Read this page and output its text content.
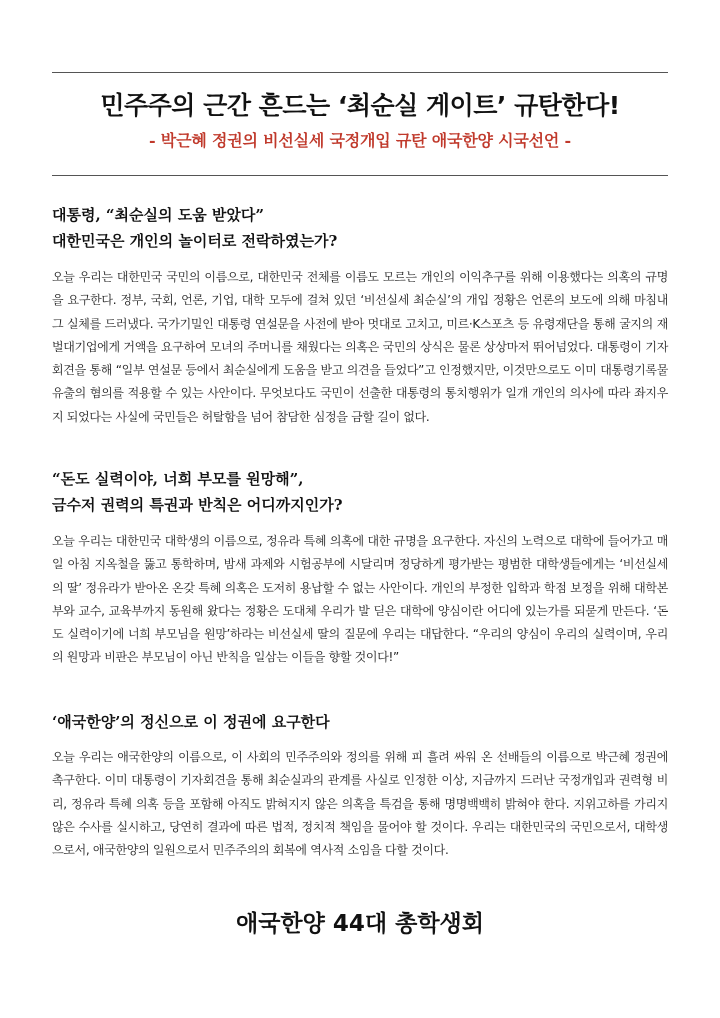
민주주의 근간 흔드는 ‘최순실 게이트’ 규탄한다!
- 박근혜 정권의 비선실세 국정개입 규탄 애국한양 시국선언 -
대통령, “최순실의 도움 받았다”
대한민국은 개인의 놀이터로 전락하였는가?
오늘 우리는 대한민국 국민의 이름으로, 대한민국 전체를 이름도 모르는 개인의 이익추구를 위해 이용했다는 의혹의 규명을 요구한다. 정부, 국회, 언론, 기업, 대학 모두에 걸쳐 있던 ‘비선실세 최순실’의 개입 정황은 언론의 보도에 의해 마침내 그 실체를 드러냈다. 국가기밀인 대통령 연설문을 사전에 받아 멋대로 고치고, 미르·K스포츠 등 유령재단을 통해 굴지의 재벌대기업에게 거액을 요구하여 모녀의 주머니를 채웠다는 의혹은 국민의 상식은 물론 상상마저 뛰어넘었다. 대통령이 기자회견을 통해 “일부 연설문 등에서 최순실에게 도움을 받고 의견을 들었다”고 인정했지만, 이것만으로도 이미 대통령기록물 유출의 혐의를 적용할 수 있는 사안이다. 무엇보다도 국민이 선출한 대통령의 통치행위가 일개 개인의 의사에 따라 좌지우지 되었다는 사실에 국민들은 허탈함을 넘어 참담한 심정을 금할 길이 없다.
“돈도 실력이야, 너희 부모를 원망해”,
금수저 권력의 특권과 반칙은 어디까지인가?
오늘 우리는 대한민국 대학생의 이름으로, 정유라 특혜 의혹에 대한 규명을 요구한다. 자신의 노력으로 대학에 들어가고 매일 아침 지옥철을 뚫고 통학하며, 밤새 과제와 시험공부에 시달리며 정당하게 평가받는 평범한 대학생들에게는 ‘비선실세의 딸’ 정유라가 받아온 온갖 특혜 의혹은 도저히 용납할 수 없는 사안이다. 개인의 부정한 입학과 학점 보정을 위해 대학본부와 교수, 교육부까지 동원해 왔다는 정황은 도대체 우리가 발 딛은 대학에 양심이란 어디에 있는가를 되묻게 만든다. ‘돈도 실력이기에 너희 부모님을 원망’하라는 비선실세 딸의 질문에 우리는 대답한다. “우리의 양심이 우리의 실력이며, 우리의 원망과 비판은 부모님이 아닌 반칙을 일삼는 이들을 향할 것이다!”
‘애국한양’의 정신으로 이 정권에 요구한다
오늘 우리는 애국한양의 이름으로, 이 사회의 민주주의와 정의를 위해 피 흘려 싸워 온 선배들의 이름으로 박근혜 정권에 촉구한다. 이미 대통령이 기자회견을 통해 최순실과의 관계를 사실로 인정한 이상, 지금까지 드러난 국정개입과 권력형 비리, 정유라 특혜 의혹 등을 포함해 아직도 밝혀지지 않은 의혹을 특검을 통해 명명백백히 밝혀야 한다. 지위고하를 가리지 않은 수사를 실시하고, 당연히 결과에 따른 법적, 정치적 책임을 물어야 할 것이다. 우리는 대한민국의 국민으로서, 대학생으로서, 애국한양의 일원으로서 민주주의의 회복에 역사적 소임을 다할 것이다.
애국한양 44대 총학생회
